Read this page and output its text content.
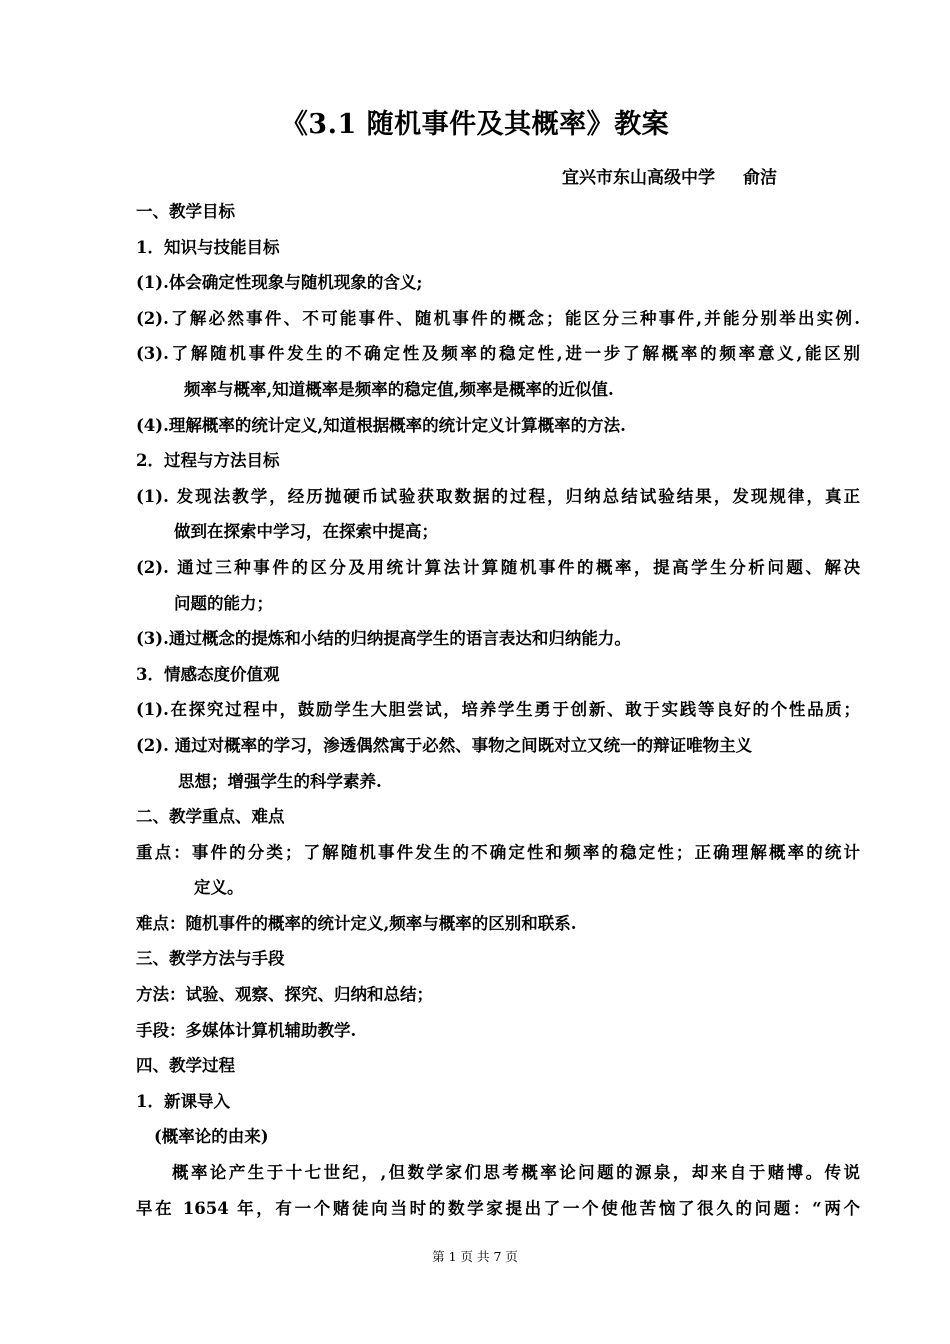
《3.1 随机事件及其概率》教案
宜兴市东山高级中学 俞洁
一、教学目标
1．知识与技能目标
(1).体会确定性现象与随机现象的含义;
(2).了解必然事件、不可能事件、随机事件的概念；能区分三种事件,并能分别举出实例.
(3).了解随机事件发生的不确定性及频率的稳定性,进一步了解概率的频率意义,能区别
频率与概率,知道概率是频率的稳定值,频率是概率的近似值.
(4).理解概率的统计定义,知道根据概率的统计定义计算概率的方法.
2．过程与方法目标
(1). 发现法教学，经历抛硬币试验获取数据的过程，归纳总结试验结果，发现规律，真正
做到在探索中学习，在探索中提高；
(2). 通过三种事件的区分及用统计算法计算随机事件的概率，提高学生分析问题、解决
问题的能力；
(3).通过概念的提炼和小结的归纳提高学生的语言表达和归纳能力。
3．情感态度价值观
(1).在探究过程中，鼓励学生大胆尝试，培养学生勇于创新、敢于实践等良好的个性品质；
(2). 通过对概率的学习，渗透偶然寓于必然、事物之间既对立又统一的辩证唯物主义
思想；增强学生的科学素养.
二、教学重点、难点
重点：事件的分类；了解随机事件发生的不确定性和频率的稳定性；正确理解概率的统计
定义。
难点：随机事件的概率的统计定义,频率与概率的区别和联系.
三、教学方法与手段
方法：试验、观察、探究、归纳和总结；
手段：多媒体计算机辅助教学.
四、教学过程
1．新课导入
(概率论的由来)
概率论产生于十七世纪，,但数学家们思考概率论问题的源泉，却来自于赌博。传说
早在 1654 年，有一个赌徒向当时的数学家提出了一个使他苦恼了很久的问题：“两个
第 1 页 共 7 页
